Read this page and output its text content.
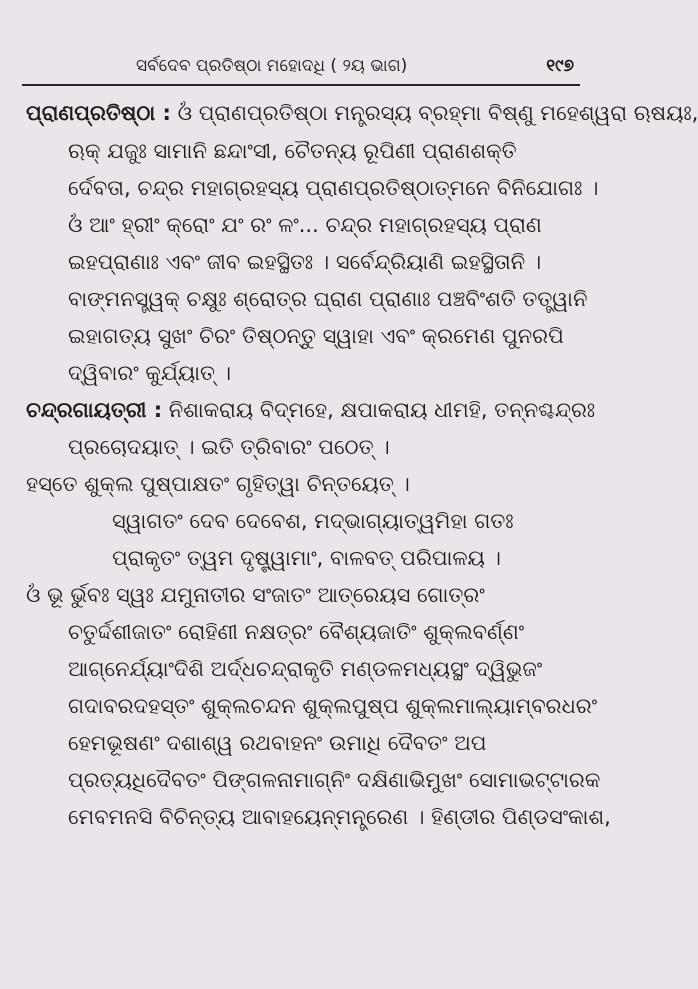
ସର୍ବଦେବ ପ୍ରତିଷ୍ଠା ମହୋଦଧି ( ୨ୟ ଭାଗ)	୧୯୭
ପ୍ରାଣପ୍ରତିଷ୍ଠା : ଓଁ ପ୍ରାଣପ୍ରତିଷ୍ଠା ମନ୍ତ୍ରସ୍ୟ ବ୍ରହ୍ମା ବିଷ୍ଣୁ ମହେଶ୍ୱରା ଋଷୟଃ,
ଋକ୍ ଯଜୁଃ ସାମାନି ଛନ୍ଦାଂସୀ, ଚୈତନ୍ୟ ରୂପିଣୀ ପ୍ରାଣଶକ୍ତି
ର୍ଦେବତା, ଚନ୍ଦ୍ର ମହାଗ୍ରହସ୍ୟ ପ୍ରାଣପ୍ରତିଷ୍ଠାତ୍ମନେ ବିନିଯୋଗଃ ।
ଓଁ ଆଂ ହ୍ରୀଂ କ୍ରୋଂ ଯଂ ରଂ ଳଂ... ଚନ୍ଦ୍ର ମହାଗ୍ରହସ୍ୟ ପ୍ରାଣ
ଇହପ୍ରାଣାଃ ଏବଂ ଜୀବ ଇହସ୍ଥିତଃ । ସର୍ବେନ୍ଦ୍ରିୟାଣି ଇହସ୍ଥିତାନି ।
ବାଙ୍ମନସ୍ତ୍ୱକ୍ ଚକ୍ଷୁଃ ଶ୍ରୋତ୍ର ଘ୍ରାଣ ପ୍ରାଣାଃ ପଞ୍ଚବିଂଶତି ତତ୍ତ୍ୱାନି
ଇହାଗତ୍ୟ ସୁଖଂ ଚିରଂ ତିଷ୍ଠନ୍ତୁ ସ୍ୱାହା ଏବଂ କ୍ରମେଣ ପୁନରପି
ଦ୍ୱିବାରଂ କୁର୍ଯ୍ୟାତ୍ ।
ଚନ୍ଦ୍ରଗାୟତ୍ରୀ : ନିଶାକରାୟ ବିଦ୍ମହେ, କ୍ଷପାକରାୟ ଧୀମହି, ତନ୍ନଶ୍ଚନ୍ଦ୍ରଃ
ପ୍ରଚୋଦୟାତ୍ । ଇତି ତ୍ରିବାରଂ ପଠେତ୍ ।
ହସ୍ତେ ଶୁକ୍ଲ ପୁଷ୍ପାକ୍ଷତଂ ଗୃହିତ୍ୱା ଚିନ୍ତୟେତ୍ ।
ସ୍ୱାଗତଂ ଦେବ ଦେବେଶ, ମଦ୍ଭାଗ୍ୟାତ୍ୱମିହା ଗତଃ
ପ୍ରାକୃତଂ ତ୍ୱମ ଦୃଷ୍ଟ୍ୱାମାଂ, ବାଳବତ୍ ପରିପାଳୟ ।
ଓଁ ଭୂ ର୍ଭୁବଃ ସ୍ୱଃ ଯମୁନାତୀର ସଂଜାତଂ ଆତ୍ରେୟସ ଗୋତ୍ରଂ
ଚତୁର୍ଦ୍ଦଶୀଜାତଂ ରୋହିଣୀ ନକ୍ଷତ୍ରଂ ବୈଶ୍ୟଜାତିଂ ଶୁକ୍ଲବର୍ଣ୍ଣଂ
ଆଗ୍ନେର୍ଯ୍ୟାଂଦିଶି ଅର୍ଦ୍ଧଚନ୍ଦ୍ରାକୃତି ମଣ୍ଡଳମଧ୍ୟସ୍ଥଂ ଦ୍ୱିଭୁଜଂ
ଗଦାବରଦହସ୍ତଂ ଶୁକ୍ଲଚନ୍ଦନ ଶୁକ୍ଲପୁଷ୍ପ ଶୁକ୍ଲମାଲ୍ୟାମ୍ବରଧରଂ
ହେମଭୂଷଣଂ ଦଶାଶ୍ୱ ରଥବାହନଂ ଉମାଧି ଦୈବତଂ ଅପ
ପ୍ରତ୍ୟଧିଦୈବତଂ ପିଙ୍ଗଳନାମାଗ୍ନିଂ ଦକ୍ଷିଣାଭିମୁଖଂ ସୋମାଭଟ୍ଟାରକ
ମେବମନସି ବିଚିନ୍ତ୍ୟ ଆବାହୟେନ୍ମନ୍ତ୍ରେଣ । ହିଣ୍ଡୀର ପିଣ୍ଡସଂକାଶ,
